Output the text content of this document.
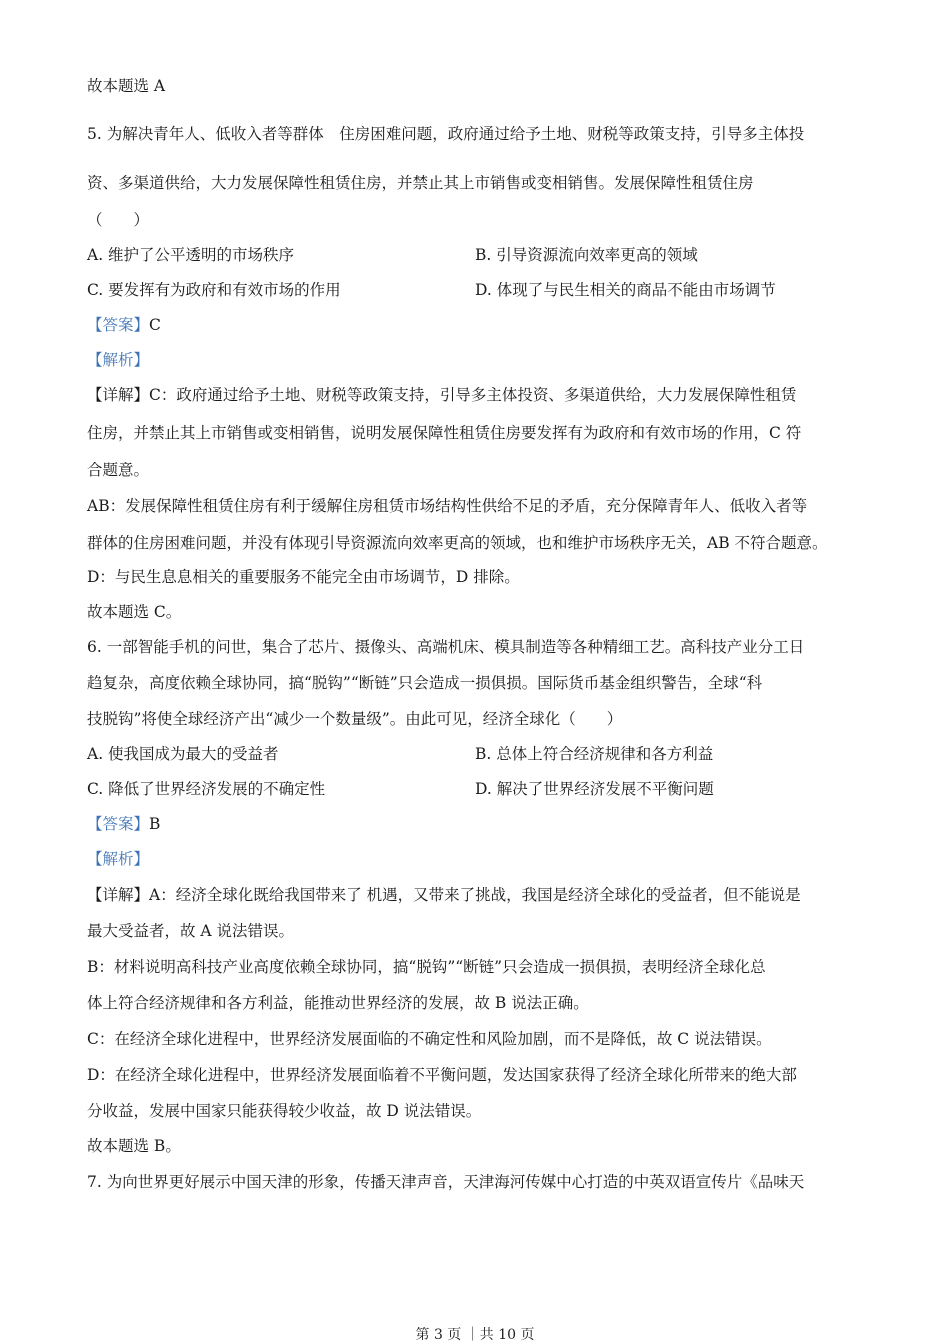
故本题选 A
5. 为解决青年人、低收入者等群体　住房困难问题，政府通过给予土地、财税等政策支持，引导多主体投
资、多渠道供给，大力发展保障性租赁住房，并禁止其上市销售或变相销售。发展保障性租赁住房
（　　）
A. 维护了公平透明的市场秩序	B. 引导资源流向效率更高的领域
C. 要发挥有为政府和有效市场的作用	D. 体现了与民生相关的商品不能由市场调节
【答案】C
【解析】
【详解】C：政府通过给予土地、财税等政策支持，引导多主体投资、多渠道供给，大力发展保障性租赁
住房，并禁止其上市销售或变相销售，说明发展保障性租赁住房要发挥有为政府和有效市场的作用，C 符
合题意。
AB：发展保障性租赁住房有利于缓解住房租赁市场结构性供给不足的矛盾，充分保障青年人、低收入者等
群体的住房困难问题，并没有体现引导资源流向效率更高的领域，也和维护市场秩序无关，AB 不符合题意。
D：与民生息息相关的重要服务不能完全由市场调节，D 排除。
故本题选 C。
6. 一部智能手机的问世，集合了芯片、摄像头、高端机床、模具制造等各种精细工艺。高科技产业分工日
趋复杂，高度依赖全球协同，搞“脱钩”“断链”只会造成一损俱损。国际货币基金组织警告，全球“科
技脱钩”将使全球经济产出“减少一个数量级”。由此可见，经济全球化（　　）
A. 使我国成为最大的受益者	B. 总体上符合经济规律和各方利益
C. 降低了世界经济发展的不确定性	D. 解决了世界经济发展不平衡问题
【答案】B
【解析】
【详解】A：经济全球化既给我国带来了 机遇，又带来了挑战，我国是经济全球化的受益者，但不能说是
最大受益者，故 A 说法错误。
B：材料说明高科技产业高度依赖全球协同，搞“脱钩”“断链”只会造成一损俱损，表明经济全球化总
体上符合经济规律和各方利益，能推动世界经济的发展，故 B 说法正确。
C：在经济全球化进程中，世界经济发展面临的不确定性和风险加剧，而不是降低，故 C 说法错误。
D：在经济全球化进程中，世界经济发展面临着不平衡问题，发达国家获得了经济全球化所带来的绝大部
分收益，发展中国家只能获得较少收益，故 D 说法错误。
故本题选 B。
7. 为向世界更好展示中国天津的形象，传播天津声音，天津海河传媒中心打造的中英双语宣传片《品味天
第 3 页 ｜共 10 页
